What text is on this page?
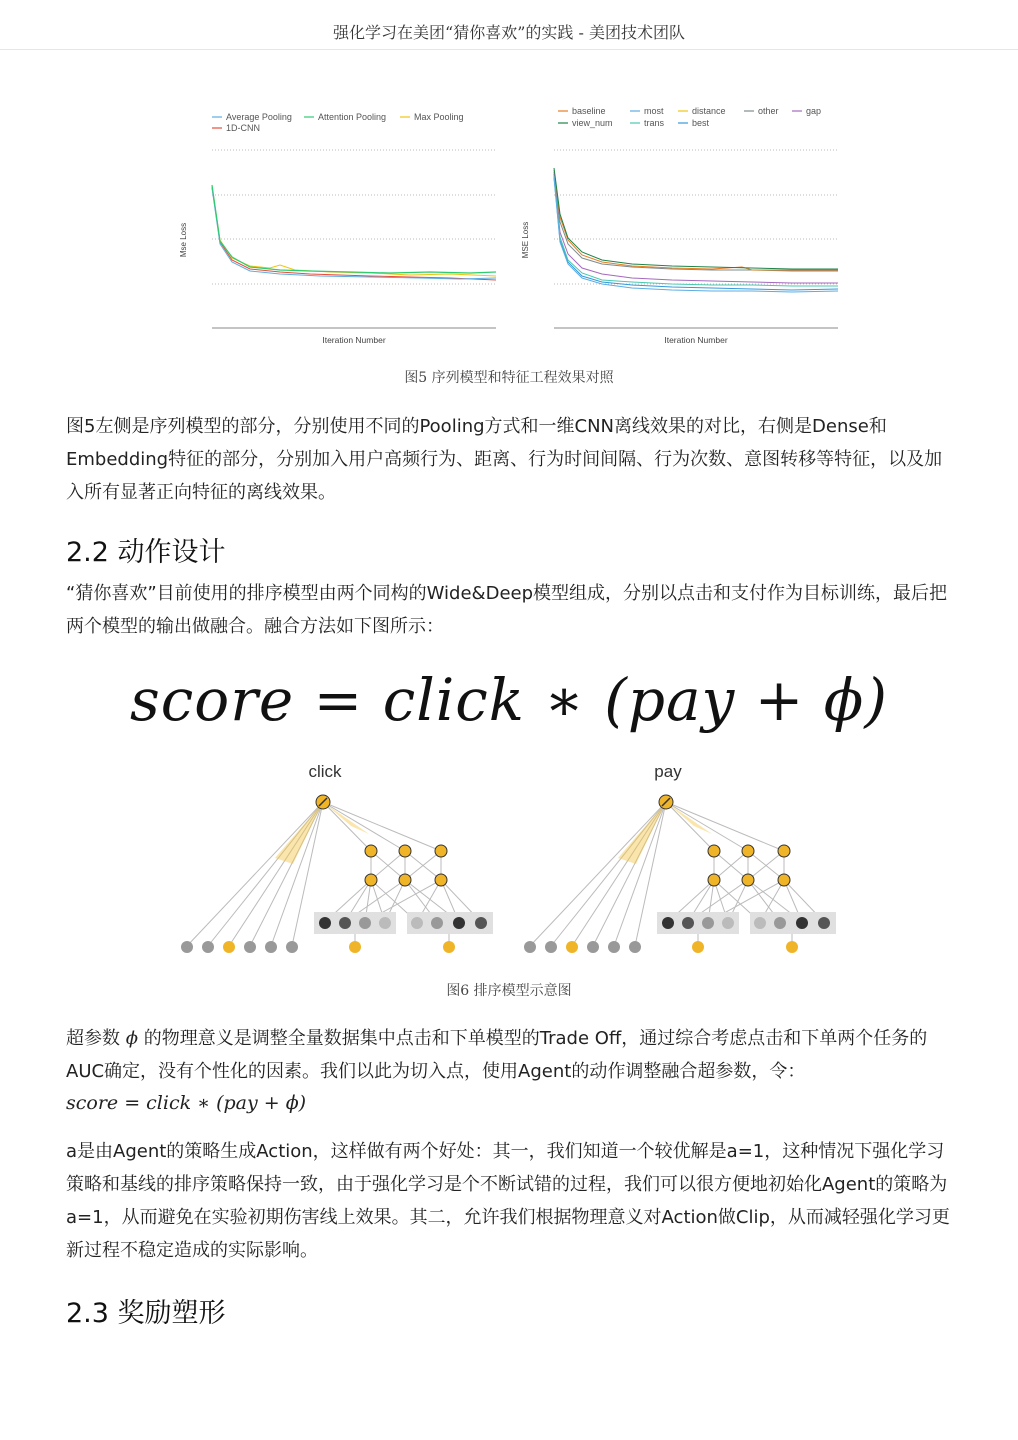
强化学习在美团“猜你喜欢”的实践 - 美团技术团队
Average Pooling	Attention Pooling	Max Pooling
1D-CNN
Mse Loss
Iteration Number
baseline	most	distance	other	gap
view_num	trans	best
MSE Loss
Iteration Number
图5 序列模型和特征工程效果对照
图5左侧是序列模型的部分，分别使用不同的Pooling方式和一维CNN离线效果的对比，右侧是Dense和Embedding特征的部分，分别加入用户高频行为、距离、行为时间间隔、行为次数、意图转移等特征，以及加入所有显著正向特征的离线效果。
2.2 动作设计
“猜你喜欢”目前使用的排序模型由两个同构的Wide&Deep模型组成，分别以点击和支付作为目标训练，最后把两个模型的输出做融合。融合方法如下图所示：
score = click ∗ (pay + ϕ)
click	pay
图6 排序模型示意图
超参数 ϕ 的物理意义是调整全量数据集中点击和下单模型的Trade Off，通过综合考虑点击和下单两个任务的AUC确定，没有个性化的因素。我们以此为切入点，使用Agent的动作调整融合超参数，令：
score = click ∗ (pay + ϕ)
a是由Agent的策略生成Action，这样做有两个好处：其一，我们知道一个较优解是a=1，这种情况下强化学习策略和基线的排序策略保持一致，由于强化学习是个不断试错的过程，我们可以很方便地初始化Agent的策略为a=1，从而避免在实验初期伤害线上效果。其二，允许我们根据物理意义对Action做Clip，从而减轻强化学习更新过程不稳定造成的实际影响。
2.3 奖励塑形
